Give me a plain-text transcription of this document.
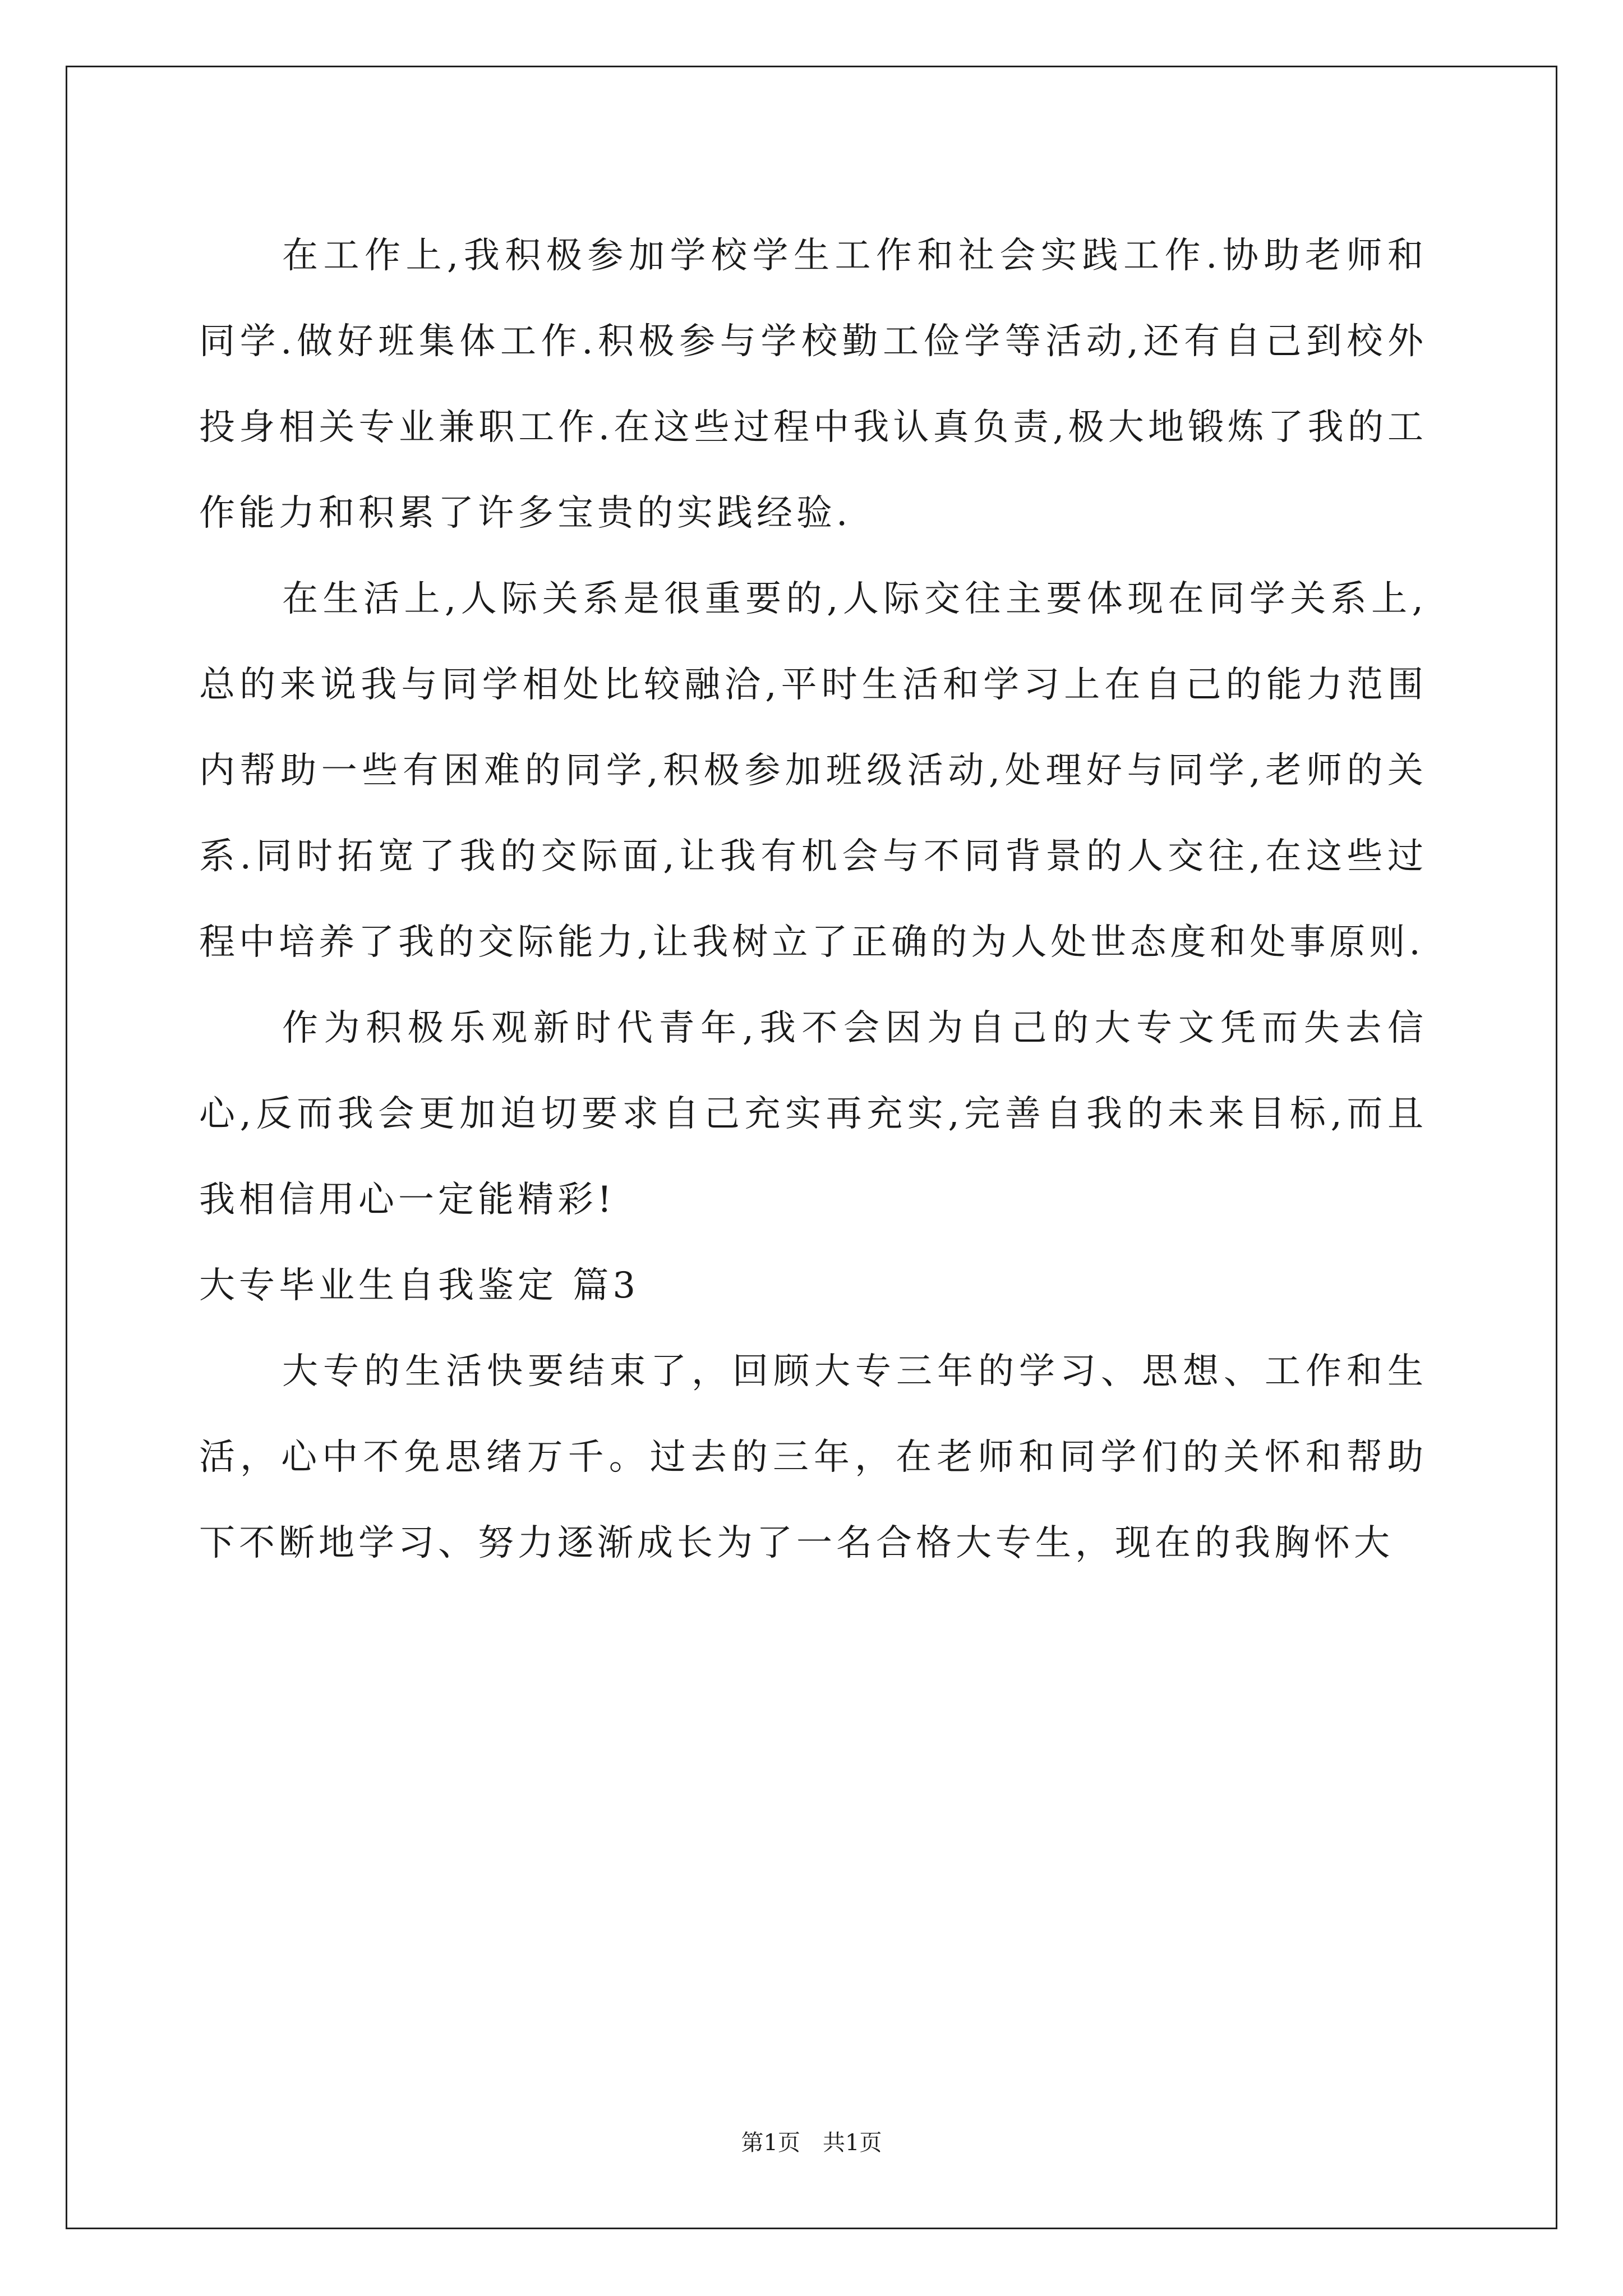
在工作上,我积极参加学校学生工作和社会实践工作.协助老师和同学.做好班集体工作.积极参与学校勤工俭学等活动,还有自己到校外投身相关专业兼职工作.在这些过程中我认真负责,极大地锻炼了我的工作能力和积累了许多宝贵的实践经验.

在生活上,人际关系是很重要的,人际交往主要体现在同学关系上,总的来说我与同学相处比较融洽,平时生活和学习上在自己的能力范围内帮助一些有困难的同学,积极参加班级活动,处理好与同学,老师的关系.同时拓宽了我的交际面,让我有机会与不同背景的人交往,在这些过程中培养了我的交际能力,让我树立了正确的为人处世态度和处事原则.

作为积极乐观新时代青年,我不会因为自己的大专文凭而失去信心,反而我会更加迫切要求自己充实再充实,完善自我的未来目标,而且我相信用心一定能精彩!

大专毕业生自我鉴定 篇3

大专的生活快要结束了，回顾大专三年的学习、思想、工作和生活，心中不免思绪万千。过去的三年，在老师和同学们的关怀和帮助下不断地学习、努力逐渐成长为了一名合格大专生，现在的我胸怀大

第1页 共1页
